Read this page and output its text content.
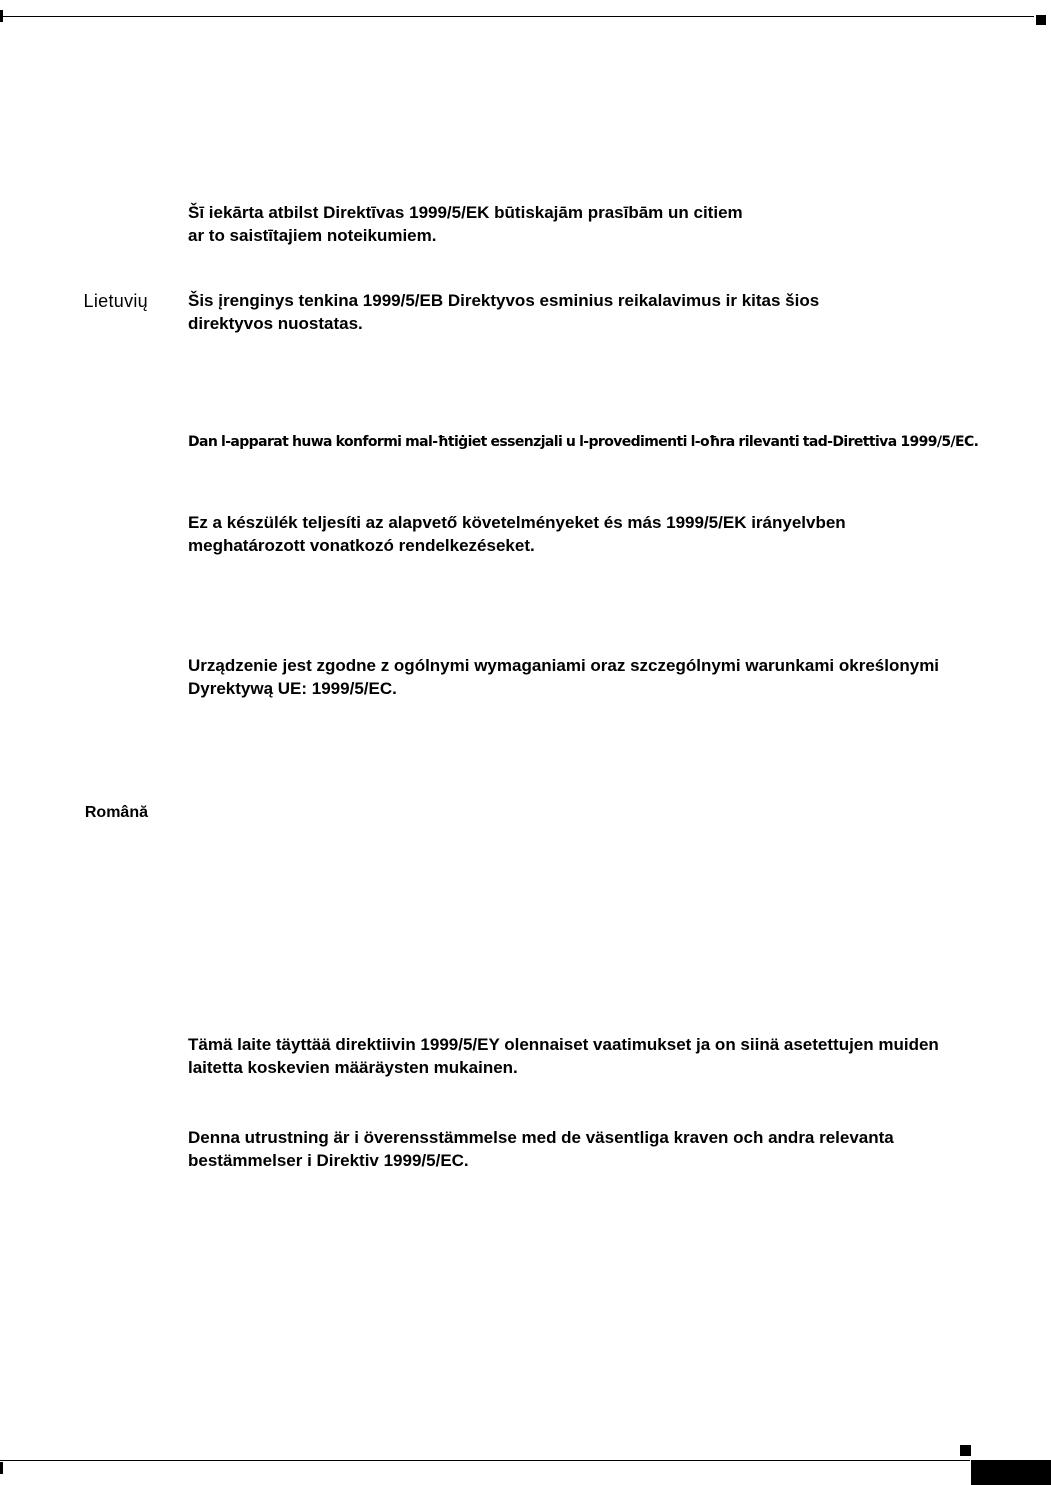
Lietuvių
Română

Šī iekārta atbilst Direktīvas 1999/5/EK būtiskajām prasībām un citiem
ar to saistītajiem noteikumiem.

Šis įrenginys tenkina 1999/5/EB Direktyvos esminius reikalavimus ir kitas šios
direktyvos nuostatas.

Dan l-apparat huwa konformi mal-ħtiġiet essenzjali u l-provedimenti l-oħra rilevanti tad-Direttiva 1999/5/EC.

Ez a készülék teljesíti az alapvető követelményeket és más 1999/5/EK irányelvben
meghatározott vonatkozó rendelkezéseket.

Urządzenie jest zgodne z ogólnymi wymaganiami oraz szczególnymi warunkami określonymi
Dyrektywą UE: 1999/5/EC.

Tämä laite täyttää direktiivin 1999/5/EY olennaiset vaatimukset ja on siinä asetettujen muiden
laitetta koskevien määräysten mukainen.

Denna utrustning är i överensstämmelse med de väsentliga kraven och andra relevanta
bestämmelser i Direktiv 1999/5/EC.
